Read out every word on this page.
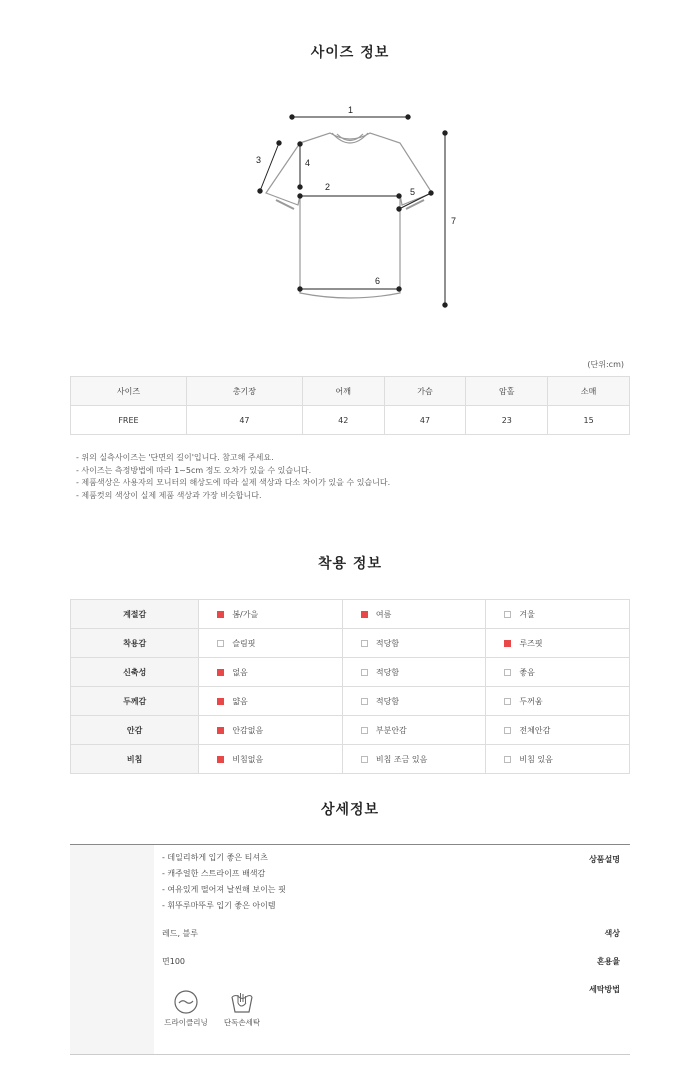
사이즈 정보
1
2
3	4
5
6
7
(단위:cm)
사이즈	총기장	어깨	가슴	암홀	소매
FREE	47	42	47	23	15
- 위의 실측사이즈는 '단면의 길이'입니다. 참고해 주세요.
- 사이즈는 측정방법에 따라 1~5cm 정도 오차가 있을 수 있습니다.
- 제품색상은 사용자의 모니터의 해상도에 따라 실제 색상과 다소 차이가 있을 수 있습니다.
- 제품컷의 색상이 실제 제품 색상과 가장 비슷합니다.
착용 정보
계절감	봄/가을	여름	겨울

착용감	슬림핏	적당함	루즈핏

신축성	없음	적당함	좋음

두께감	얇음	적당함	두꺼움

안감	안감없음	부분안감	전체안감

비침	비침없음	비침 조금 있음	비침 있음
상세정보
상품설명
- 데일리하게 입기 좋은 티셔츠
- 캐주얼한 스트라이프 배색감
- 여유있게 떨어져 날씬해 보이는 핏
- 휘뚜루마뚜루 입기 좋은 아이템
색상
레드, 블루
혼용율
면100
세탁방법
드라이클리닝	단독손세탁
